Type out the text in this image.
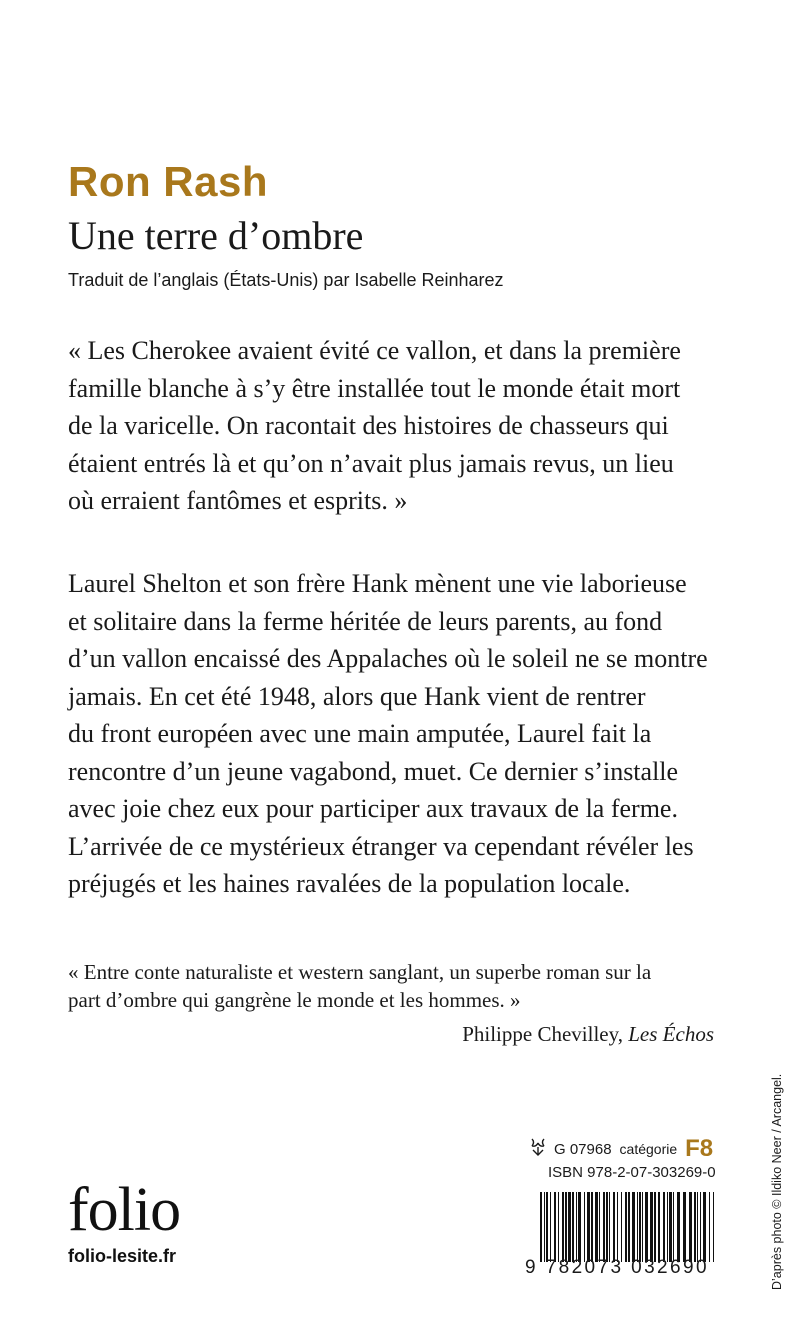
Ron Rash
Une terre d’ombre
Traduit de l’anglais (États-Unis) par Isabelle Reinharez
« Les Cherokee avaient évité ce vallon, et dans la première
famille blanche à s’y être installée tout le monde était mort
de la varicelle. On racontait des histoires de chasseurs qui
étaient entrés là et qu’on n’avait plus jamais revus, un lieu
où erraient fantômes et esprits. »
Laurel Shelton et son frère Hank mènent une vie laborieuse
et solitaire dans la ferme héritée de leurs parents, au fond
d’un vallon encaissé des Appalaches où le soleil ne se montre
jamais. En cet été 1948, alors que Hank vient de rentrer
du front européen avec une main amputée, Laurel fait la
rencontre d’un jeune vagabond, muet. Ce dernier s’installe
avec joie chez eux pour participer aux travaux de la ferme.
L’arrivée de ce mystérieux étranger va cependant révéler les
préjugés et les haines ravalées de la population locale.
« Entre conte naturaliste et western sanglant, un superbe roman sur la
part d’ombre qui gangrène le monde et les hommes. »
Philippe Chevilley, Les Échos
D’après photo © Ildiko Neer / Arcangel.
G 07968 catégorie F8
ISBN 978-2-07-303269-0
9 782073 032690
folio
folio-lesite.fr
